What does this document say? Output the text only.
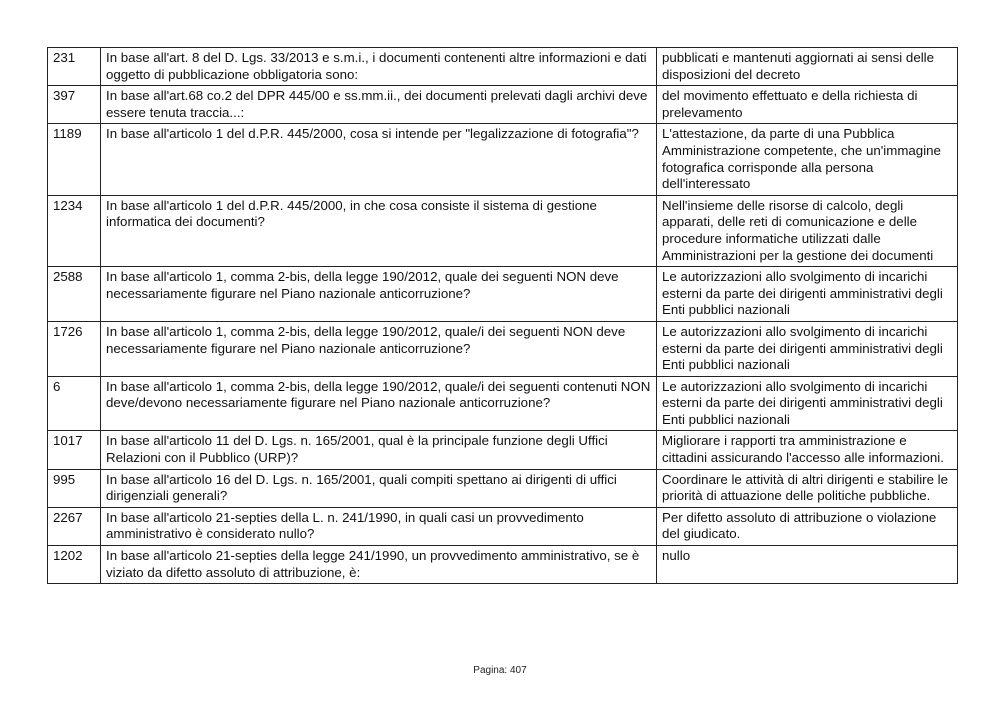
231	In base all'art. 8 del D. Lgs. 33/2013 e s.m.i., i documenti contenenti altre informazioni e dati oggetto di pubblicazione obbligatoria sono:	pubblicati e mantenuti aggiornati ai sensi delle disposizioni del decreto
397	In base all'art.68 co.2 del DPR 445/00 e ss.mm.ii., dei documenti prelevati dagli archivi deve essere tenuta traccia...:	del movimento effettuato e della richiesta di prelevamento
1189	In base all'articolo 1 del d.P.R. 445/2000, cosa si intende per "legalizzazione di fotografia"?	L'attestazione, da parte di una Pubblica Amministrazione competente, che un'immagine fotografica corrisponde alla persona dell'interessato
1234	In base all'articolo 1 del d.P.R. 445/2000, in che cosa consiste il sistema di gestione informatica dei documenti?	Nell'insieme delle risorse di calcolo, degli apparati, delle reti di comunicazione e delle procedure informatiche utilizzati dalle Amministrazioni per la gestione dei documenti
2588	In base all'articolo 1, comma 2-bis, della legge 190/2012, quale dei seguenti NON deve necessariamente figurare nel Piano nazionale anticorruzione?	Le autorizzazioni allo svolgimento di incarichi esterni da parte dei dirigenti amministrativi degli Enti pubblici nazionali
1726	In base all'articolo 1, comma 2-bis, della legge 190/2012, quale/i dei seguenti NON deve necessariamente figurare nel Piano nazionale anticorruzione?	Le autorizzazioni allo svolgimento di incarichi esterni da parte dei dirigenti amministrativi degli Enti pubblici nazionali
6	In base all'articolo 1, comma 2-bis, della legge 190/2012, quale/i dei seguenti contenuti NON deve/devono necessariamente figurare nel Piano nazionale anticorruzione?	Le autorizzazioni allo svolgimento di incarichi esterni da parte dei dirigenti amministrativi degli Enti pubblici nazionali
1017	In base all'articolo 11 del D. Lgs. n. 165/2001, qual è la principale funzione degli Uffici Relazioni con il Pubblico (URP)?	Migliorare i rapporti tra amministrazione e cittadini assicurando l'accesso alle informazioni.
995	In base all'articolo 16 del D. Lgs. n. 165/2001, quali compiti spettano ai dirigenti di uffici dirigenziali generali?	Coordinare le attività di altri dirigenti e stabilire le priorità di attuazione delle politiche pubbliche.
2267	In base all'articolo 21-septies della L. n. 241/1990, in quali casi un provvedimento amministrativo è considerato nullo?	Per difetto assoluto di attribuzione o violazione del giudicato.
1202	In base all'articolo 21-septies della legge 241/1990, un provvedimento amministrativo, se è viziato da difetto assoluto di attribuzione, è:	nullo
Pagina: 407
